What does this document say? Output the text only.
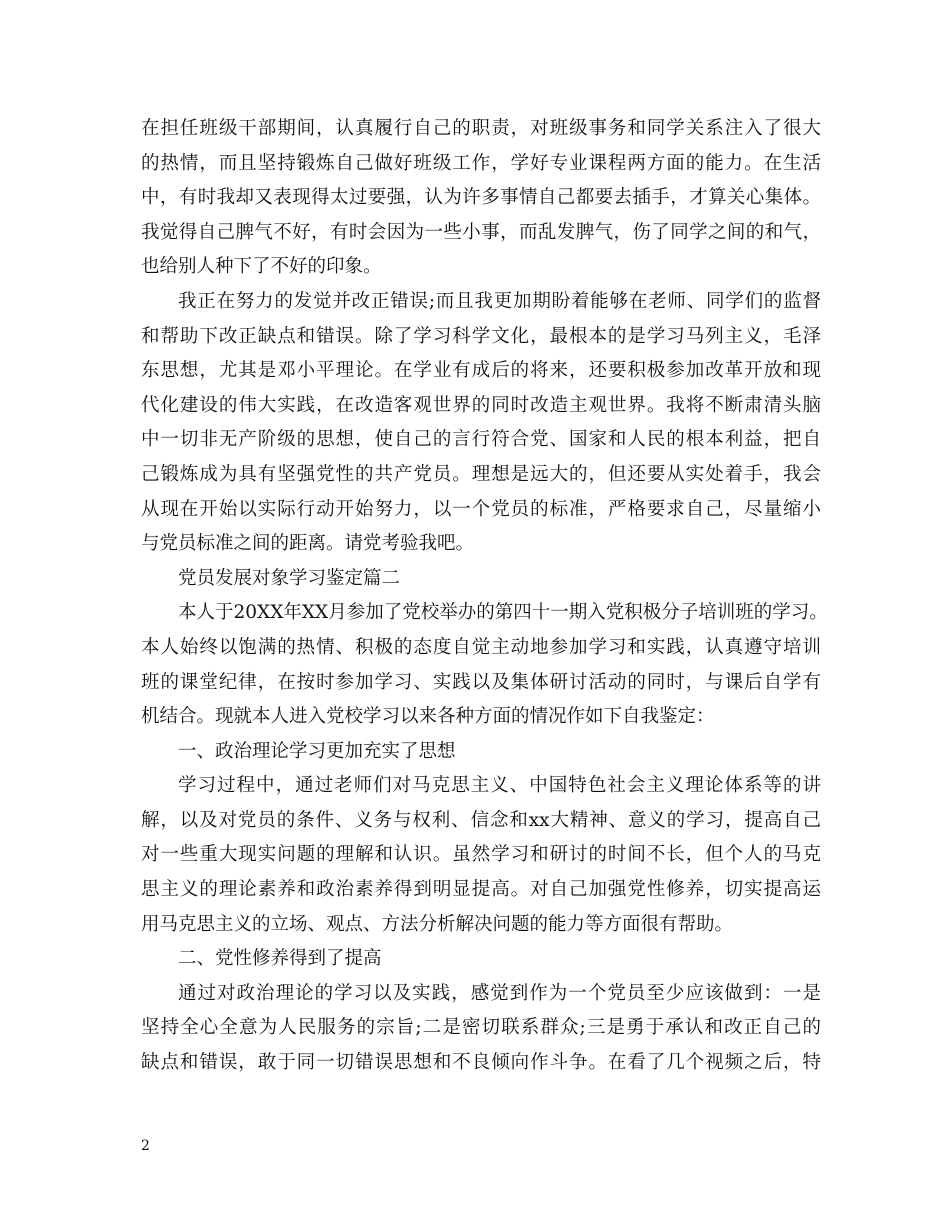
在担任班级干部期间，认真履行自己的职责，对班级事务和同学关系注入了很大
的热情，而且坚持锻炼自己做好班级工作，学好专业课程两方面的能力。在生活
中，有时我却又表现得太过要强，认为许多事情自己都要去插手，才算关心集体。
我觉得自己脾气不好，有时会因为一些小事，而乱发脾气，伤了同学之间的和气，
也给别人种下了不好的印象。
我正在努力的发觉并改正错误;而且我更加期盼着能够在老师、同学们的监督
和帮助下改正缺点和错误。除了学习科学文化，最根本的是学习马列主义，毛泽
东思想，尤其是邓小平理论。在学业有成后的将来，还要积极参加改革开放和现
代化建设的伟大实践，在改造客观世界的同时改造主观世界。我将不断肃清头脑
中一切非无产阶级的思想，使自己的言行符合党、国家和人民的根本利益，把自
己锻炼成为具有坚强党性的共产党员。理想是远大的，但还要从实处着手，我会
从现在开始以实际行动开始努力，以一个党员的标准，严格要求自己，尽量缩小
与党员标准之间的距离。请党考验我吧。
党员发展对象学习鉴定篇二
本人于20XX年XX月参加了党校举办的第四十一期入党积极分子培训班的学习。
本人始终以饱满的热情、积极的态度自觉主动地参加学习和实践，认真遵守培训
班的课堂纪律，在按时参加学习、实践以及集体研讨活动的同时，与课后自学有
机结合。现就本人进入党校学习以来各种方面的情况作如下自我鉴定：
一、政治理论学习更加充实了思想
学习过程中，通过老师们对马克思主义、中国特色社会主义理论体系等的讲
解，以及对党员的条件、义务与权利、信念和xx大精神、意义的学习，提高自己
对一些重大现实问题的理解和认识。虽然学习和研讨的时间不长，但个人的马克
思主义的理论素养和政治素养得到明显提高。对自己加强党性修养，切实提高运
用马克思主义的立场、观点、方法分析解决问题的能力等方面很有帮助。
二、党性修养得到了提高
通过对政治理论的学习以及实践，感觉到作为一个党员至少应该做到：一是
坚持全心全意为人民服务的宗旨;二是密切联系群众;三是勇于承认和改正自己的
缺点和错误，敢于同一切错误思想和不良倾向作斗争。在看了几个视频之后，特
2
